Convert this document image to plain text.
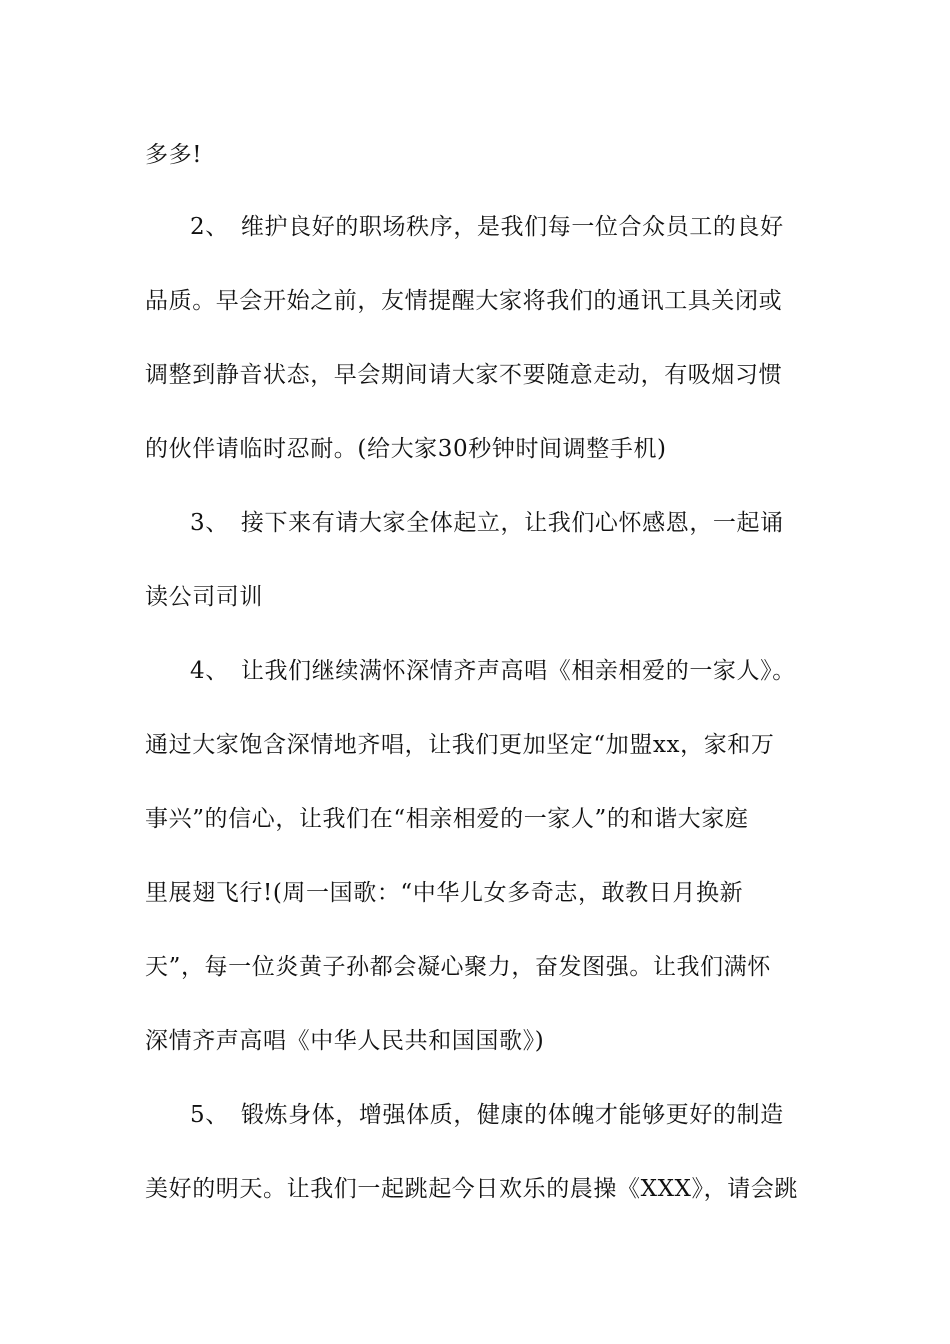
多多!
2、　维护良好的职场秩序，是我们每一位合众员工的良好
品质。早会开始之前，友情提醒大家将我们的通讯工具关闭或
调整到静音状态，早会期间请大家不要随意走动，有吸烟习惯
的伙伴请临时忍耐。(给大家30秒钟时间调整手机)
3、　接下来有请大家全体起立，让我们心怀感恩，一起诵
读公司司训
4、　让我们继续满怀深情齐声高唱《相亲相爱的一家人》。
通过大家饱含深情地齐唱，让我们更加坚定“加盟xx，家和万
事兴”的信心，让我们在“相亲相爱的一家人”的和谐大家庭
里展翅飞行!(周一国歌：“中华儿女多奇志，敢教日月换新
天”，每一位炎黄子孙都会凝心聚力，奋发图强。让我们满怀
深情齐声高唱《中华人民共和国国歌》)
5、　锻炼身体，增强体质，健康的体魄才能够更好的制造
美好的明天。让我们一起跳起今日欢乐的晨操《XXX》，请会跳
